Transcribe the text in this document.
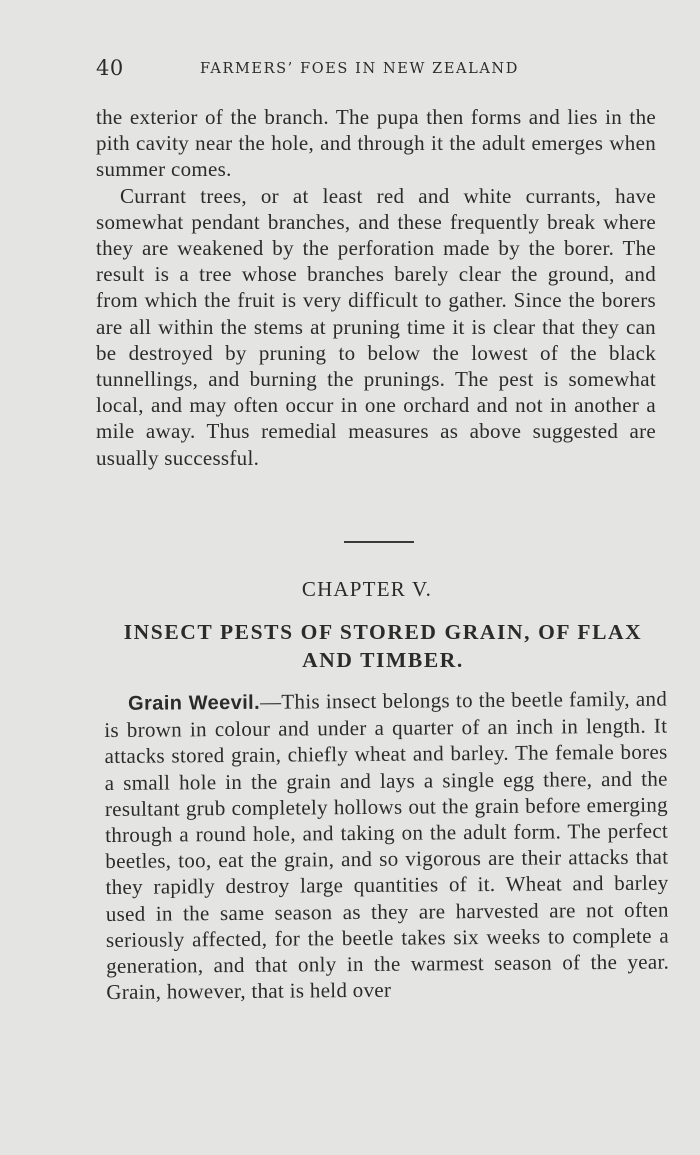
40	FARMERS’ FOES IN NEW ZEALAND

the exterior of the branch. The pupa then forms and lies in the pith cavity near the hole, and through it the adult emerges when summer comes.
Currant trees, or at least red and white currants, have somewhat pendant branches, and these frequently break where they are weakened by the perforation made by the borer. The result is a tree whose branches barely clear the ground, and from which the fruit is very difficult to gather. Since the borers are all within the stems at pruning time it is clear that they can be destroyed by pruning to below the lowest of the black tunnellings, and burning the prunings. The pest is somewhat local, and may often occur in one orchard and not in another a mile away. Thus remedial measures as above suggested are usually successful.

CHAPTER V.
INSECT PESTS OF STORED GRAIN, OF FLAX AND TIMBER.

Grain Weevil.—This insect belongs to the beetle family, and is brown in colour and under a quarter of an inch in length. It attacks stored grain, chiefly wheat and barley. The female bores a small hole in the grain and lays a single egg there, and the resultant grub completely hollows out the grain before emerging through a round hole, and taking on the adult form. The perfect beetles, too, eat the grain, and so vigorous are their attacks that they rapidly destroy large quantities of it. Wheat and barley used in the same season as they are harvested are not often seriously affected, for the beetle takes six weeks to complete a generation, and that only in the warmest season of the year. Grain, however, that is held over
